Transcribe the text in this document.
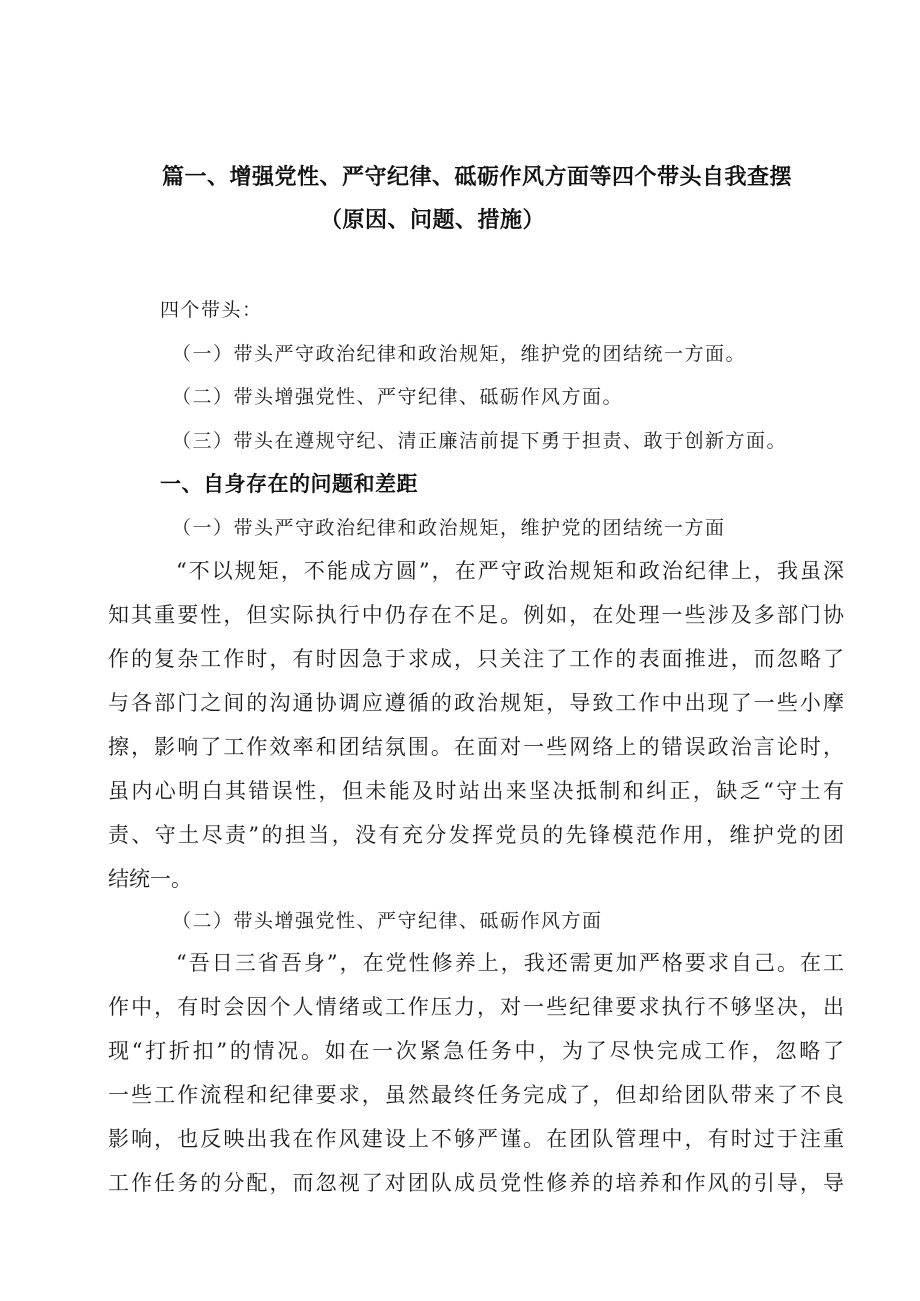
篇一、增强党性、严守纪律、砥砺作风方面等四个带头自我查摆
（原因、问题、措施）
四个带头：
（一）带头严守政治纪律和政治规矩，维护党的团结统一方面。
（二）带头增强党性、严守纪律、砥砺作风方面。
（三）带头在遵规守纪、清正廉洁前提下勇于担责、敢于创新方面。
一、自身存在的问题和差距
（一）带头严守政治纪律和政治规矩，维护党的团结统一方面
“不以规矩，不能成方圆”，在严守政治规矩和政治纪律上，我虽深
知其重要性，但实际执行中仍存在不足。例如，在处理一些涉及多部门协
作的复杂工作时，有时因急于求成，只关注了工作的表面推进，而忽略了
与各部门之间的沟通协调应遵循的政治规矩，导致工作中出现了一些小摩
擦，影响了工作效率和团结氛围。在面对一些网络上的错误政治言论时，
虽内心明白其错误性，但未能及时站出来坚决抵制和纠正，缺乏“守土有
责、守土尽责”的担当，没有充分发挥党员的先锋模范作用，维护党的团
结统一。
（二）带头增强党性、严守纪律、砥砺作风方面
“吾日三省吾身”，在党性修养上，我还需更加严格要求自己。在工
作中，有时会因个人情绪或工作压力，对一些纪律要求执行不够坚决，出
现“打折扣”的情况。如在一次紧急任务中，为了尽快完成工作，忽略了
一些工作流程和纪律要求，虽然最终任务完成了，但却给团队带来了不良
影响，也反映出我在作风建设上不够严谨。在团队管理中，有时过于注重
工作任务的分配，而忽视了对团队成员党性修养的培养和作风的引导，导
